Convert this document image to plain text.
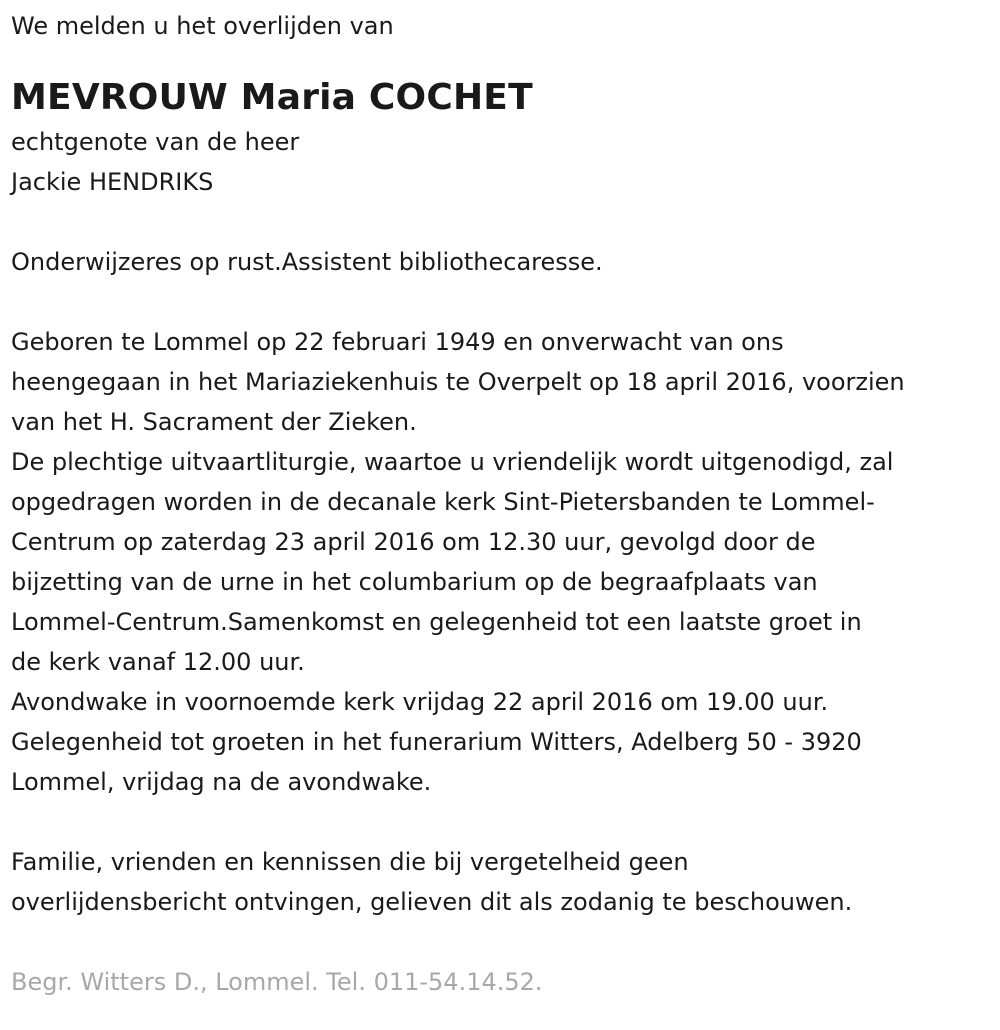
We melden u het overlijden van

MEVROUW Maria COCHET

echtgenote van de heer

Jackie HENDRIKS

Onderwijzeres op rust.Assistent bibliothecaresse.

Geboren te Lommel op 22 februari 1949 en onverwacht van ons

heengegaan in het Mariaziekenhuis te Overpelt op 18 april 2016, voorzien

van het H. Sacrament der Zieken.

De plechtige uitvaartliturgie, waartoe u vriendelijk wordt uitgenodigd, zal

opgedragen worden in de decanale kerk Sint-Pietersbanden te Lommel-

Centrum op zaterdag 23 april 2016 om 12.30 uur, gevolgd door de

bijzetting van de urne in het columbarium op de begraafplaats van

Lommel-Centrum.Samenkomst en gelegenheid tot een laatste groet in

de kerk vanaf 12.00 uur.

Avondwake in voornoemde kerk vrijdag 22 april 2016 om 19.00 uur.

Gelegenheid tot groeten in het funerarium Witters, Adelberg 50 - 3920

Lommel, vrijdag na de avondwake.

Familie, vrienden en kennissen die bij vergetelheid geen

overlijdensbericht ontvingen, gelieven dit als zodanig te beschouwen.

Begr. Witters D., Lommel. Tel. 011-54.14.52.
